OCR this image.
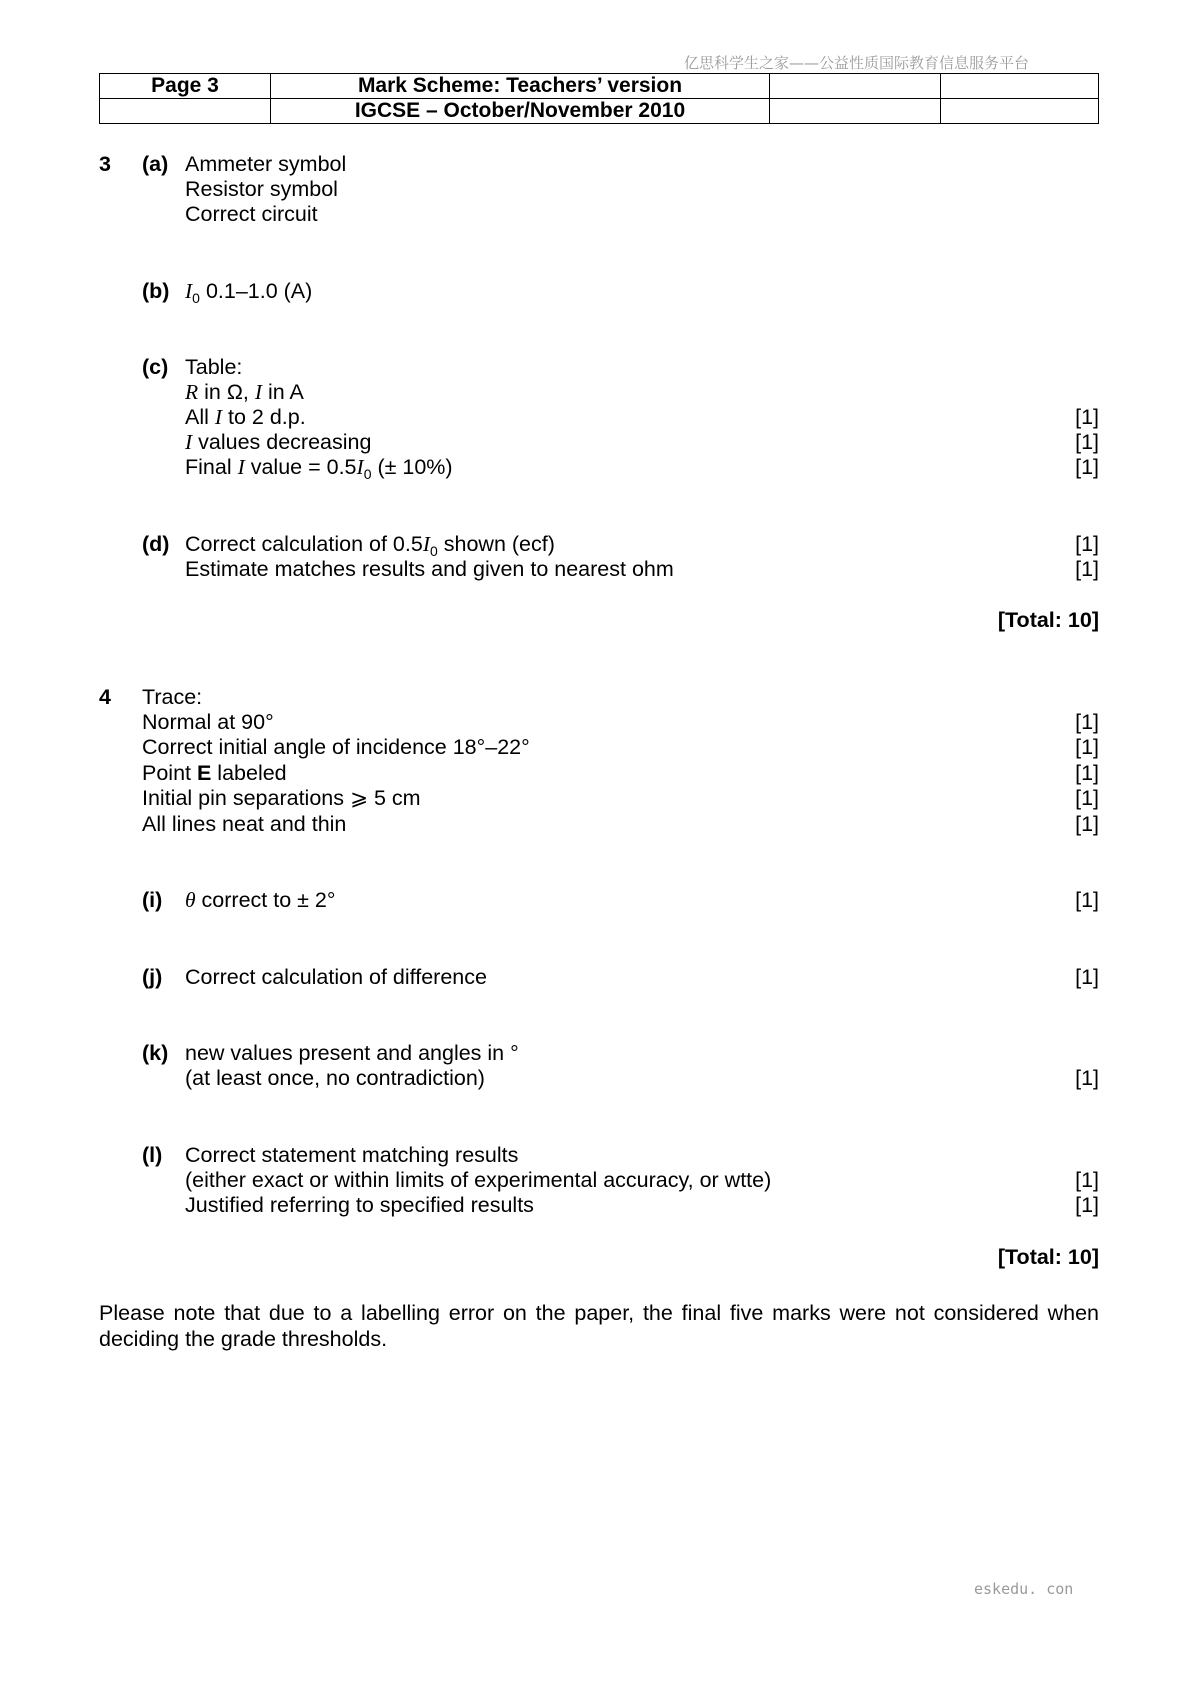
亿思科学生之家——公益性质国际教育信息服务平台
Page 3	Mark Scheme: Teachers’ version		
	IGCSE – October/November 2010		
3 (a) Ammeter symbol
Resistor symbol
Correct circuit
(b) $I_0$ 0.1–1.0 (A)
(c) Table:
R in Ω, I in A
All I to 2 d.p.	[1]
I values decreasing	[1]
Final I value = $0.5I_0$ (± 10%)	[1]
(d) Correct calculation of $0.5I_0$ shown (ecf)	[1]
Estimate matches results and given to nearest ohm	[1]
[Total: 10]
4 Trace:
Normal at 90°	[1]
Correct initial angle of incidence 18°–22°	[1]
Point E labeled	[1]
Initial pin separations ⩾ 5 cm	[1]
All lines neat and thin	[1]
(i) θ correct to ± 2°	[1]
(j) Correct calculation of difference	[1]
(k) new values present and angles in °
(at least once, no contradiction)	[1]
(l) Correct statement matching results
(either exact or within limits of experimental accuracy, or wtte)	[1]
Justified referring to specified results	[1]
[Total: 10]
Please note that due to a labelling error on the paper, the final five marks were not considered when deciding the grade thresholds.
eskedu. con
